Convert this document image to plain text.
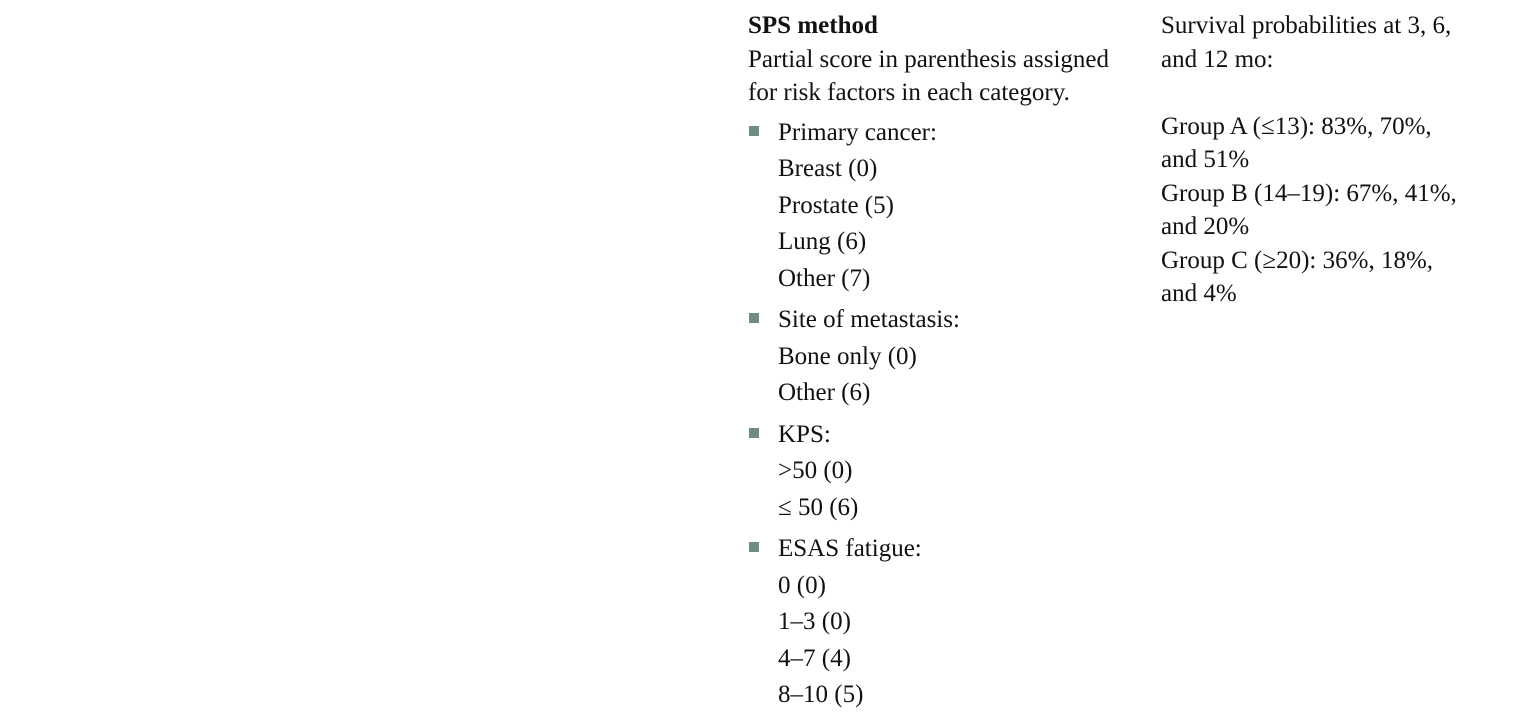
SPS method
Partial score in parenthesis assigned
for risk factors in each category.
Primary cancer:
Breast (0)
Prostate (5)
Lung (6)
Other (7)
Site of metastasis:
Bone only (0)
Other (6)
KPS:
>50 (0)
≤ 50 (6)
ESAS fatigue:
0 (0)
1–3 (0)
4–7 (4)
8–10 (5)
Survival probabilities at 3, 6,
and 12 mo:
Group A (≤13): 83%, 70%,
and 51%
Group B (14–19): 67%, 41%,
and 20%
Group C (≥20): 36%, 18%,
and 4%
